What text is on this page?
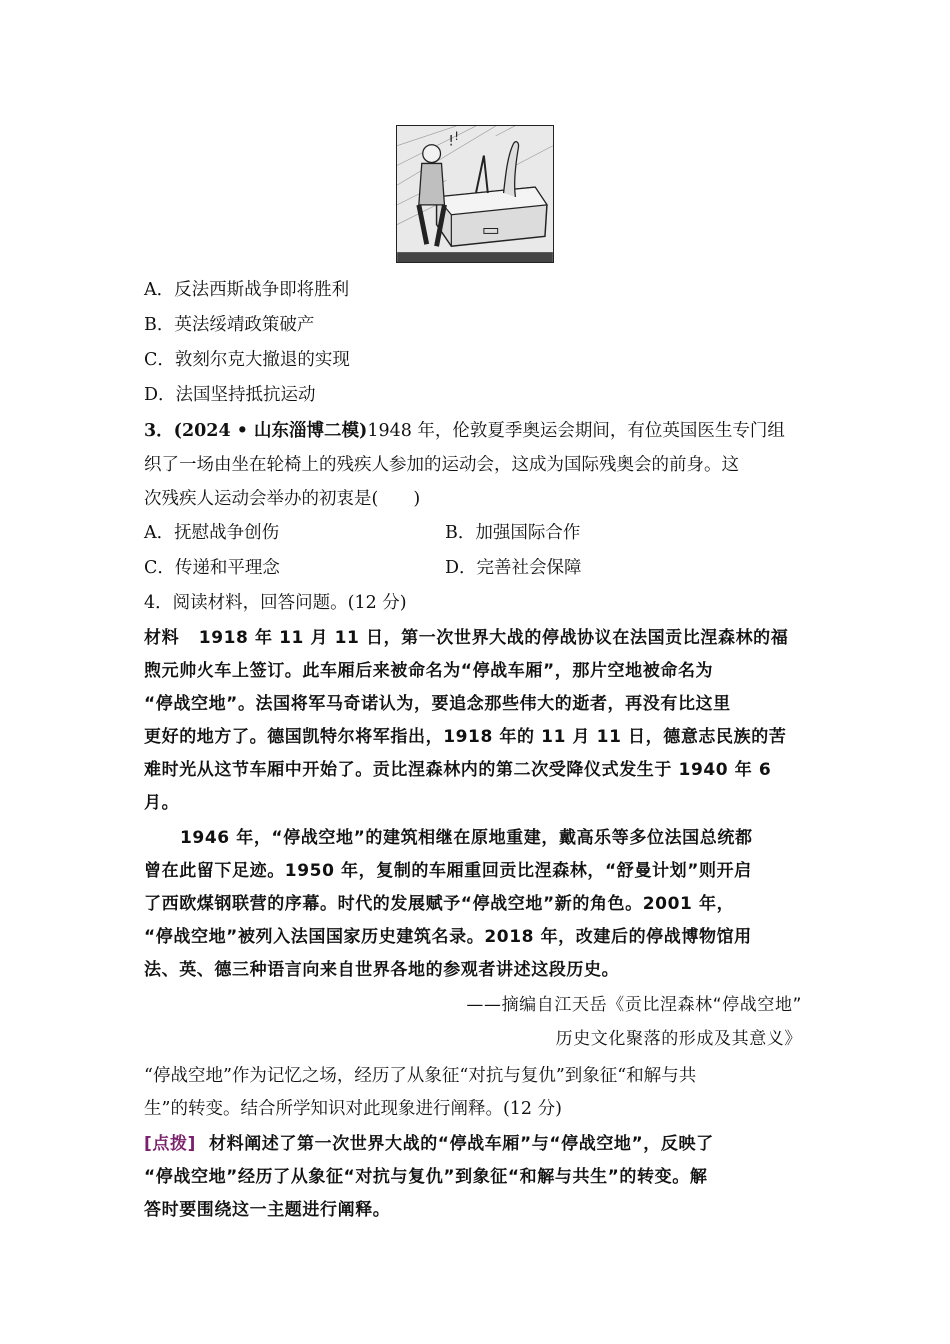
! !
A．反法西斯战争即将胜利
B．英法绥靖政策破产
C．敦刻尔克大撤退的实现
D．法国坚持抵抗运动
3．(2024 • 山东淄博二模)1948 年，伦敦夏季奥运会期间，有位英国医生专门组
织了一场由坐在轮椅上的残疾人参加的运动会，这成为国际残奥会的前身。这
次残疾人运动会举办的初衷是(　　)
A．抚慰战争创伤	B．加强国际合作
C．传递和平理念	D．完善社会保障
4．阅读材料，回答问题。(12 分)
材料 1918 年 11 月 11 日，第一次世界大战的停战协议在法国贡比涅森林的福
煦元帅火车上签订。此车厢后来被命名为“停战车厢”，那片空地被命名为
“停战空地”。法国将军马奇诺认为，要追念那些伟大的逝者，再没有比这里
更好的地方了。德国凯特尔将军指出，1918 年的 11 月 11 日，德意志民族的苦
难时光从这节车厢中开始了。贡比涅森林内的第二次受降仪式发生于 1940 年 6
月。
1946 年，“停战空地”的建筑相继在原地重建，戴高乐等多位法国总统都
曾在此留下足迹。1950 年，复制的车厢重回贡比涅森林，“舒曼计划”则开启
了西欧煤钢联营的序幕。时代的发展赋予“停战空地”新的角色。2001 年，
“停战空地”被列入法国国家历史建筑名录。2018 年，改建后的停战博物馆用
法、英、德三种语言向来自世界各地的参观者讲述这段历史。
——摘编自江天岳《贡比涅森林“停战空地”
历史文化聚落的形成及其意义》
“停战空地”作为记忆之场，经历了从象征“对抗与复仇”到象征“和解与共
生”的转变。结合所学知识对此现象进行阐释。(12 分)
[点拨] 材料阐述了第一次世界大战的“停战车厢”与“停战空地”，反映了
“停战空地”经历了从象征“对抗与复仇”到象征“和解与共生”的转变。解
答时要围绕这一主题进行阐释。
